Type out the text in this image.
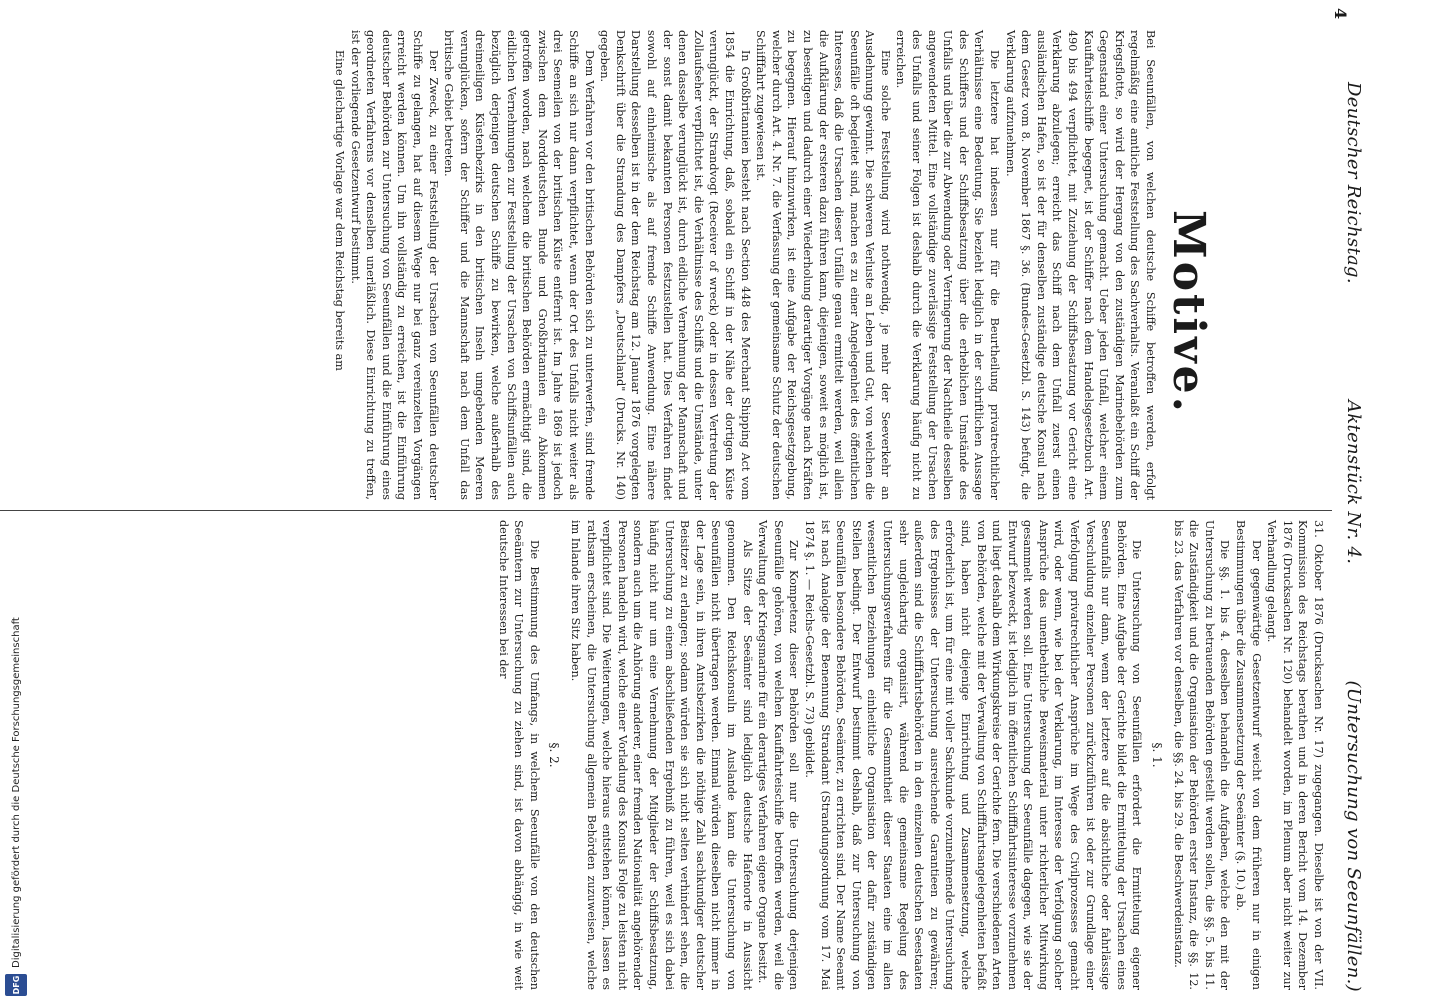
4
Deutscher Reichstag.
Aktenstück Nr. 4.
(Untersuchung von Seeunfällen.)
Motive.

Bei Seeunfällen, von welchen deutsche Schiffe betroffen werden, erfolgt regelmäßig eine amtliche Feststellung des Sachverhalts. Veranlaßt ein Schiff der Kriegsflotte, so wird der Hergang von den zuständigen Marinebehörden zum Gegenstand einer Untersuchung gemacht. Ueber jeden Unfall, welcher einem Kauffahrteischiffe begegnet, ist der Schiffer nach dem Handelsgesetzbuch Art. 490 bis 494 verpflichtet, mit Zuziehung der Schiffsbesatzung vor Gericht eine Verklarung abzulegen; erreicht das Schiff nach dem Unfall zuerst einen ausländischen Hafen, so ist der für denselben zuständige deutsche Konsul nach dem Gesetz vom 8. November 1867 §. 36. (Bundes-Gesetzbl. S. 143) befugt, die Verklarung aufzunehmen.

Die letztere hat indessen nur für die Beurtheilung privatrechtlicher Verhältnisse eine Bedeutung. Sie bezieht lediglich in der schriftlichen Aussage des Schiffers und der Schiffsbesatzung über die erheblichen Umstände des Unfalls und über die zur Abwendung oder Verringerung der Nachtheile desselben angewendeten Mittel. Eine vollständige zuverlässige Feststellung der Ursachen des Unfalls und seiner Folgen ist deshalb durch die Verklarung häufig nicht zu erreichen.

Eine solche Feststellung wird nothwendig, je mehr der Seeverkehr an Ausdehnung gewinnt. Die schweren Verluste an Leben und Gut, von welchen die Seeunfälle oft begleitet sind, machen es zu einer Angelegenheit des öffentlichen Interesses, daß die Ursachen dieser Unfälle genau ermittelt werden, weil allein die Aufklärung der ersteren dazu führen kann, diejenigen, soweit es möglich ist, zu beseitigen und dadurch einer Wiederholung derartiger Vorgänge nach Kräften zu begegnen. Hierauf hinzuwirken, ist eine Aufgabe der Reichsgesetzgebung, welcher durch Art. 4. Nr. 7. die Verfassung der gemeinsame Schutz der deutschen Schifffahrt zugewiesen ist.

In Großbritannien besteht nach Section 448 des Merchant Shipping Act vom 1854 die Einrichtung, daß, sobald ein Schiff in der Nähe der dortigen Küste verunglückt, der Strandvogt (Receiver of wreck) oder in dessen Vertretung der Zollaufseher verpflichtet ist, die Verhältnisse des Schiffs und die Umstände, unter denen dasselbe verunglückt ist, durch eidliche Vernehmung der Mannschaft und der sonst damit bekannten Personen festzustellen hat. Dies Verfahren findet sowohl auf einheimische als auf fremde Schiffe Anwendung. Eine nähere Darstellung desselben ist in der dem Reichstag am 12. Januar 1876 vorgelegten Denkschrift über die Strandung des Dampfers „Deutschland" (Drucks. Nr. 140) gegeben.

Dem Verfahren vor den britischen Behörden sich zu unterwerfen, sind fremde Schiffe an sich nur dann verpflichtet, wenn der Ort des Unfalls nicht weiter als drei Seemeilen von der britischen Küste entfernt ist. Im Jahre 1869 ist jedoch zwischen dem Norddeutschen Bunde und Großbritannien ein Abkommen getroffen worden, nach welchem die britischen Behörden ermächtigt sind, die eidlichen Vernehmungen zur Feststellung der Ursachen von Schiffsunfällen auch bezüglich derjenigen deutschen Schiffe zu bewirken, welche außerhalb des dreimeiligen Küstenbezirks in den britischen Inseln umgebenden Meeren verunglücken, sofern der Schiffer und die Mannschaft nach dem Unfall das britische Gebiet betreten.

Der Zweck, zu einer Feststellung der Ursachen von Seeunfällen deutscher Schiffe zu gelangen, hat auf diesem Wege nur bei ganz vereinzelten Vorgängen erreicht werden können. Um ihn vollständig zu erreichen, ist die Einführung deutscher Behörden zur Untersuchung von Seeunfällen und die Einführung eines geordneten Verfahrens vor denselben unerläßlich. Diese Einrichtung zu treffen, ist der vorliegende Gesetzentwurf bestimmt.

Eine gleichartige Vorlage war dem Reichstag bereits am

31. Oktober 1876 (Drucksachen Nr. 17) zugegangen. Dieselbe ist von der VII. Kommission des Reichstags berathen und in deren Bericht vom 14. Dezember 1876 (Drucksachen Nr. 120) behandelt worden, im Plenum aber nicht weiter zur Verhandlung gelangt.

Der gegenwärtige Gesetzentwurf weicht von dem früheren nur in einigen Bestimmungen über die Zusammensetzung der Seeämter (§. 10.) ab.

Die §§. 1. bis 4. desselben behandeln die Aufgaben, welche den mit der Untersuchung zu betrauenden Behörden gestellt werden sollen, die §§. 5. bis 11. die Zuständigkeit und die Organisation der Behörden erster Instanz, die §§. 12. bis 23. das Verfahren vor denselben, die §§. 24. bis 29. die Beschwerdeinstanz.

§. 1.

Die Untersuchung von Seeunfällen erfordert die Ermittelung eigener Behörden. Eine Aufgabe der Gerichte bildet die Ermittelung der Ursachen eines Seeunfalls nur dann, wenn der letztere auf die absichtliche oder fahrlässige Verschuldung einzelner Personen zurückzuführen ist oder zur Grundlage einer Verfolgung privatrechtlicher Ansprüche im Wege des Civilprozesses gemacht wird, oder wenn, wie bei der Verklarung, im Interesse der Verfolgung solcher Ansprüche das unentbehrliche Beweismaterial unter richterlicher Mitwirkung gesammelt werden soll. Eine Untersuchung der Seeunfälle dagegen, wie sie der Entwurf bezweckt, ist lediglich im öffentlichen Schifffahrtsinteresse vorzunehmen und liegt deshalb dem Wirkungskreise der Gerichte fern. Die verschiedenen Arten von Behörden, welche mit der Verwaltung von Schifffahrtsangelegenheiten befaßt sind, haben nicht diejenige Einrichtung und Zusammensetzung, welche erforderlich ist, um für eine mit voller Sachkunde vorzunehmende Untersuchung des Ergebnisses der Untersuchung ausreichende Garantieen zu gewähren; außerdem sind die Schifffahrtsbehörden in den einzelnen deutschen Seestaaten sehr ungleichartig organisirt, während die gemeinsame Regelung des Untersuchungsverfahrens für die Gesammtheit dieser Staaten eine im allen wesentlichen Beziehungen einheitliche Organisation der dafür zuständigen Stellen bedingt. Der Entwurf bestimmt deshalb, daß zur Untersuchung von Seeunfällen besondere Behörden, Seeämter, zu errichten sind. Der Name Seeamt ist nach Analogie der Benennung Strandamt (Strandungsordnung vom 17. Mai 1874 §. 1. — Reichs-Gesetzbl. S. 73) gebildet.

Zur Kompetenz dieser Behörden soll nur die Untersuchung derjenigen Seeunfälle gehören, von welchen Kauffahrteischiffe betroffen werden, weil die Verwaltung der Kriegsmarine für ein derartiges Verfahren eigene Organe besitzt.

Als Sitze der Seeämter sind lediglich deutsche Hafenorte in Aussicht genommen. Den Reichskonsuln im Auslande kann die Untersuchung von Seeunfällen nicht übertragen werden. Einmal würden dieselben nicht immer in der Lage sein, in ihren Amtsbezirken die nöthige Zahl sachkundiger deutscher Beisitzer zu erlangen; sodann würden sie sich nicht selten verhindert sehen, die Untersuchung zu einem abschließenden Ergebniß zu führen, weil es sich dabei häufig nicht nur um eine Vernehmung der Mitglieder der Schiffsbesatzung, sondern auch um die Anhörung anderer, einer fremden Nationalität angehörender Personen handeln wird, welche einer Vorladung des Konsuls Folge zu leisten nicht verpflichtet sind. Die Weiterungen, welche hieraus entstehen können, lassen es rathsam erscheinen, die Untersuchung allgemein Behörden zuzuweisen, welche im Inlande ihren Sitz haben.

§. 2.

Die Bestimmung des Umfangs, in welchem Seeunfälle von den deutschen Seeämtern zur Untersuchung zu ziehen sind, ist davon abhängig, in wie weit deutsche Interessen bei der

DFG
Digitalisierung gefördert durch die Deutsche Forschungsgemeinschaft
